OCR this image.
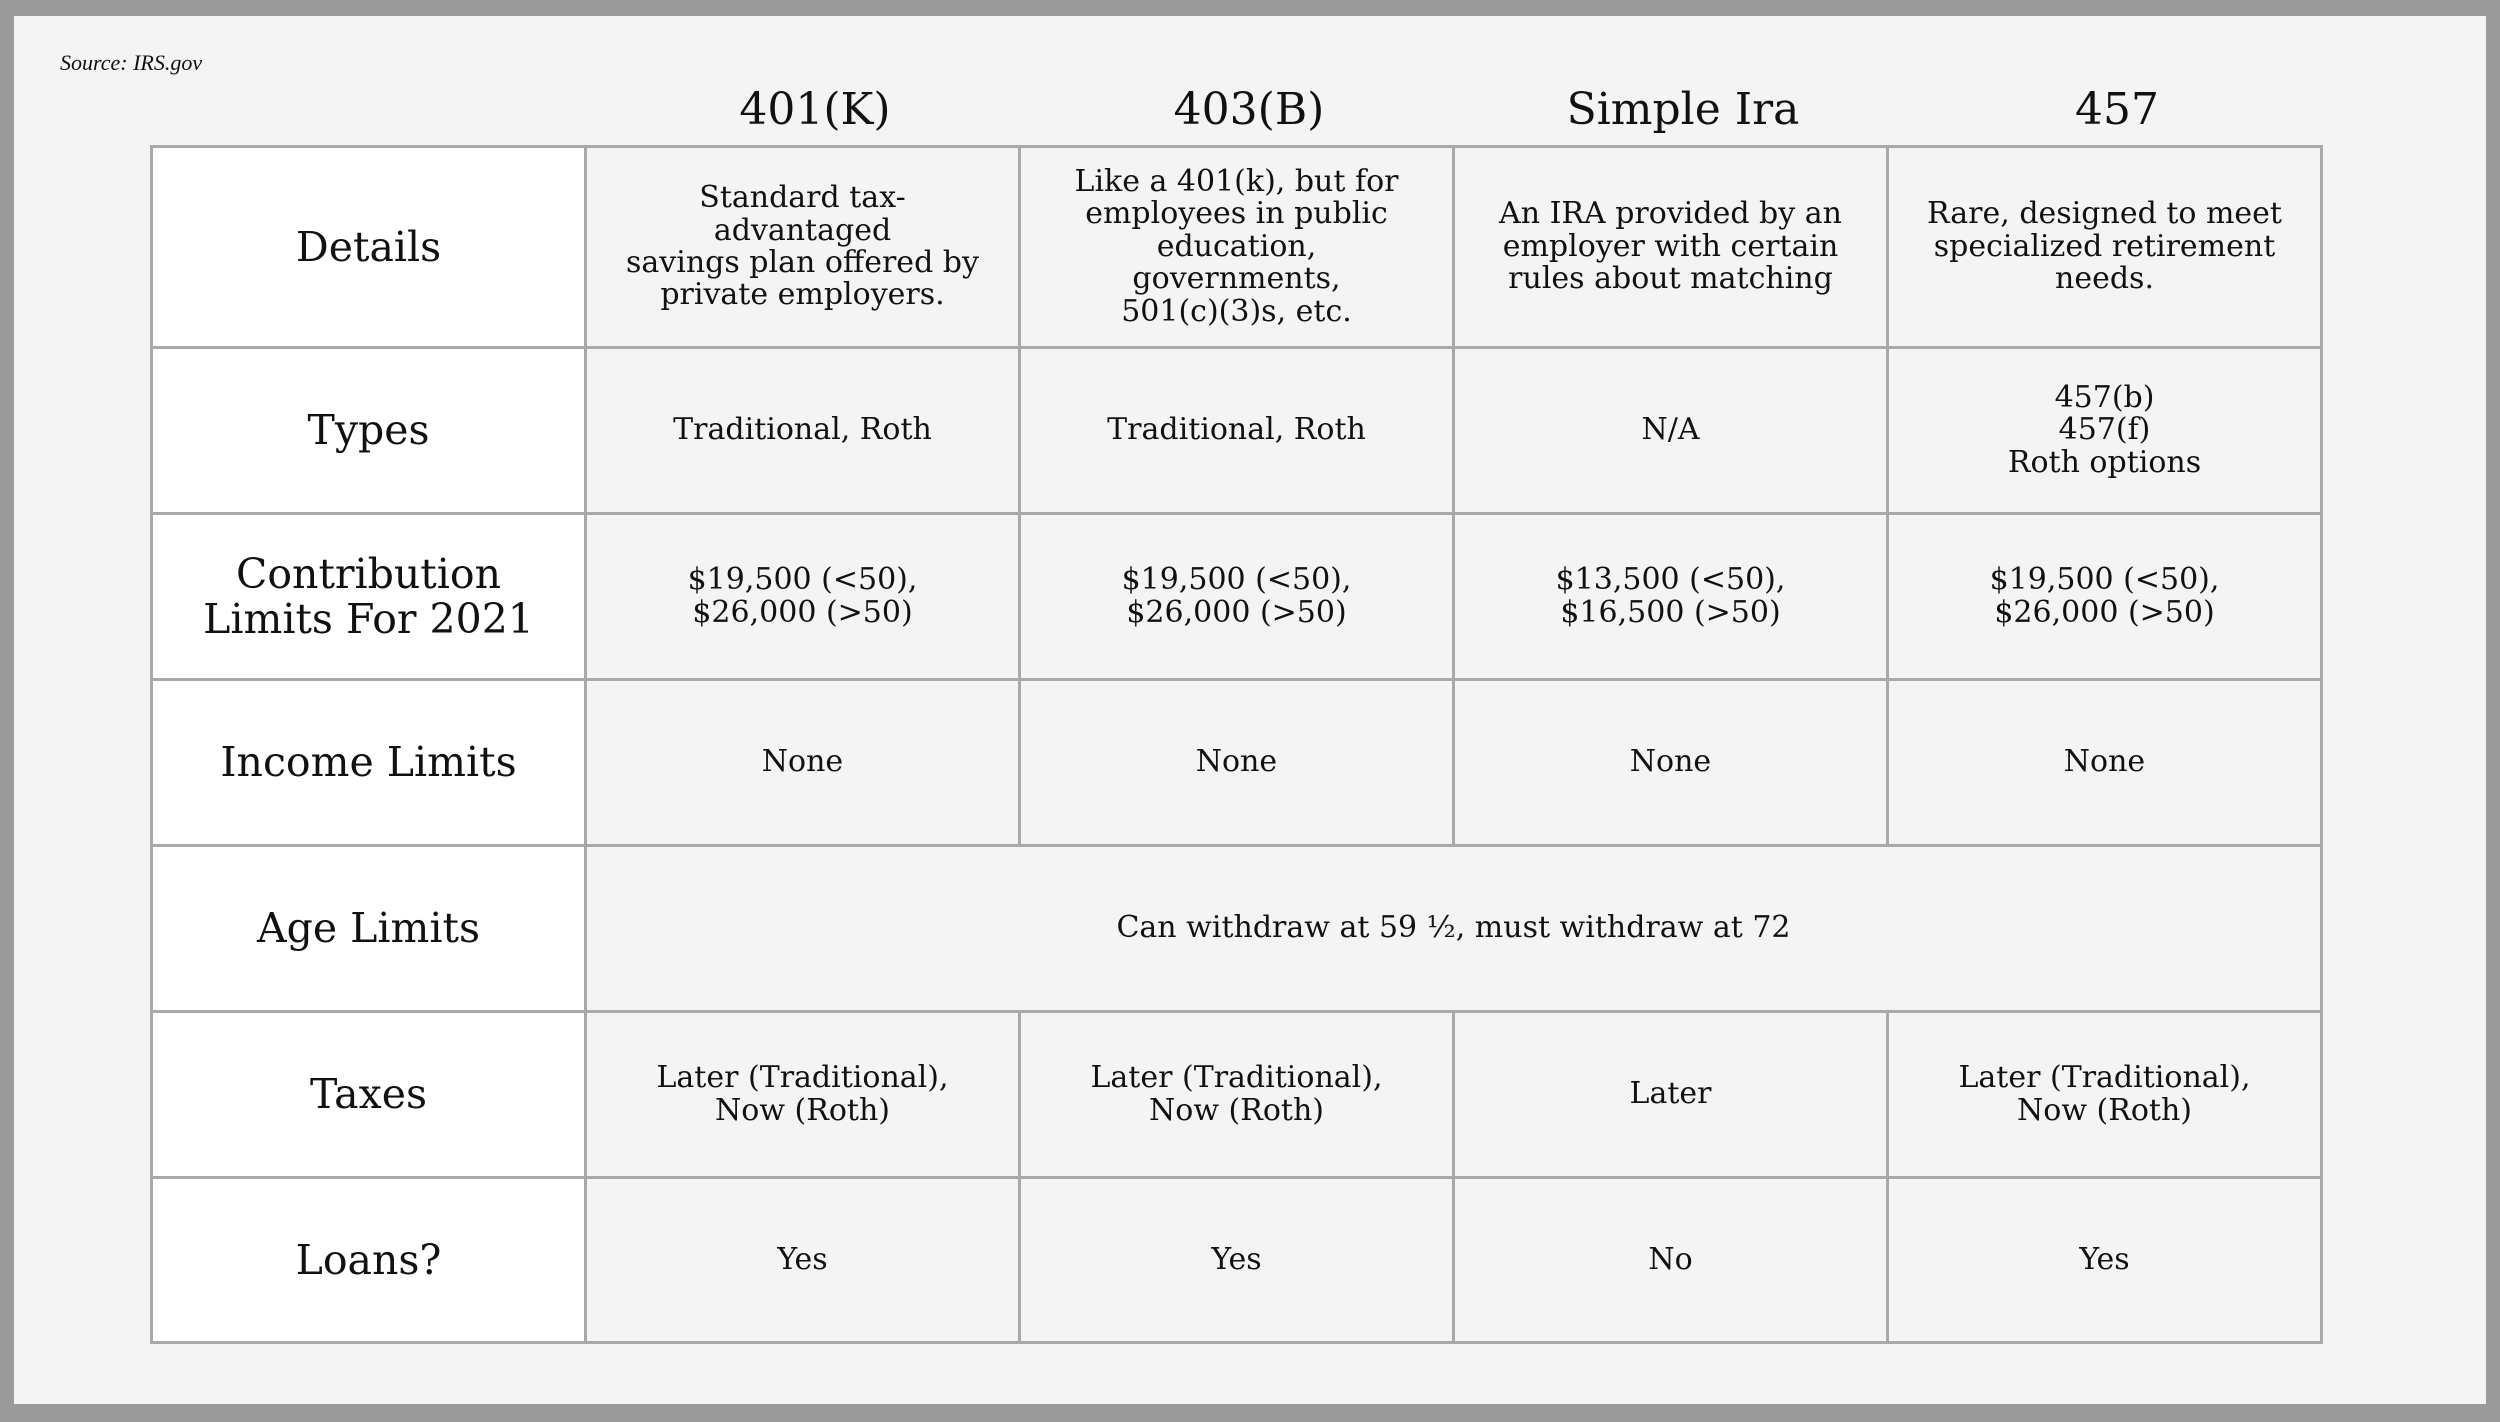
Source: IRS.gov
401(K)	403(B)	Simple Ira	457
Details	Standard tax-advantaged
savings plan offered by
private employers.	Like a 401(k), but for
employees in public
education, governments,
501(c)(3)s, etc.	An IRA provided by an
employer with certain
rules about matching	Rare, designed to meet
specialized retirement
needs.
Types	Traditional, Roth	Traditional, Roth	N/A	457(b)
457(f)
Roth options
Contribution
Limits For 2021	$19,500 (<50),
$26,000 (>50)	$19,500 (<50),
$26,000 (>50)	$13,500 (<50),
$16,500 (>50)	$19,500 (<50),
$26,000 (>50)
Income Limits	None	None	None	None
Age Limits	Can withdraw at 59 ½, must withdraw at 72			
Taxes	Later (Traditional),
Now (Roth)	Later (Traditional),
Now (Roth)	Later	Later (Traditional),
Now (Roth)
Loans?	Yes	Yes	No	Yes
